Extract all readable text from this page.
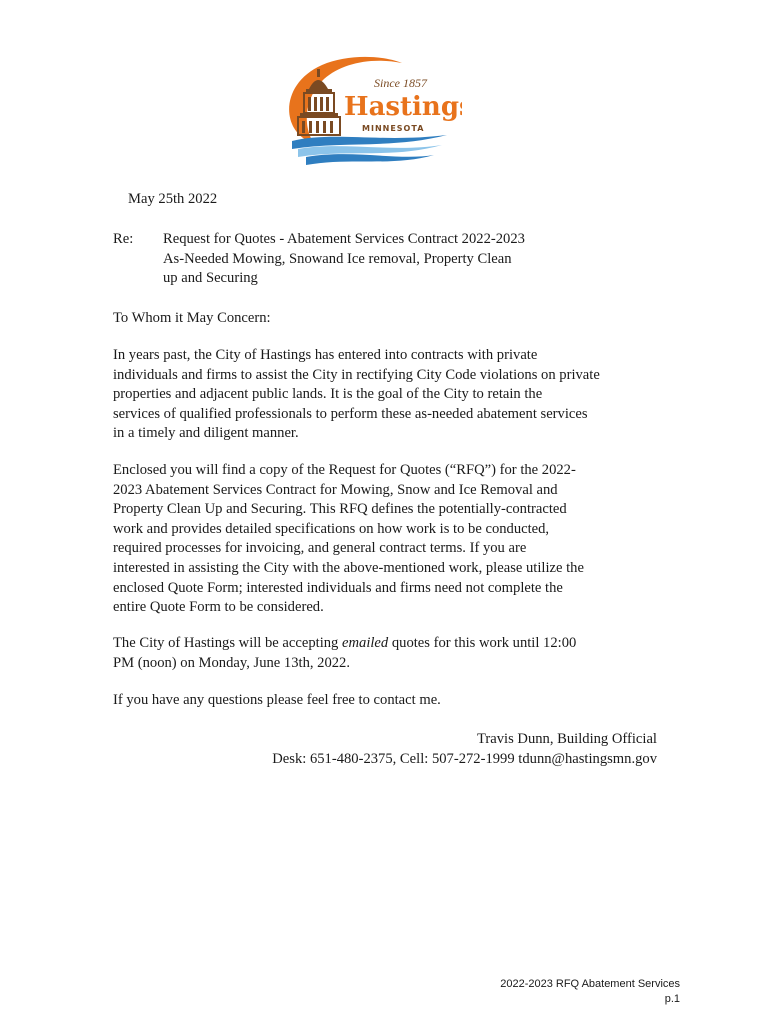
Since 1857
Hastings
MINNESOTA
May 25th 2022
Re: Request for Quotes - Abatement Services Contract 2022-2023
As-Needed Mowing, Snowand Ice removal, Property Clean
up and Securing
To Whom it May Concern:
In years past, the City of Hastings has entered into contracts with private
individuals and firms to assist the City in rectifying City Code violations on private
properties and adjacent public lands. It is the goal of the City to retain the
services of qualified professionals to perform these as-needed abatement services
in a timely and diligent manner.
Enclosed you will find a copy of the Request for Quotes (“RFQ”) for the 2022-
2023 Abatement Services Contract for Mowing, Snow and Ice Removal and
Property Clean Up and Securing. This RFQ defines the potentially-contracted
work and provides detailed specifications on how work is to be conducted,
required processes for invoicing, and general contract terms. If you are
interested in assisting the City with the above-mentioned work, please utilize the
enclosed Quote Form; interested individuals and firms need not complete the
entire Quote Form to be considered.
The City of Hastings will be accepting emailed quotes for this work until 12:00
PM (noon) on Monday, June 13th, 2022.
If you have any questions please feel free to contact me.
Travis Dunn, Building Official
Desk: 651-480-2375, Cell: 507-272-1999 tdunn@hastingsmn.gov
2022-2023 RFQ Abatement Services
p.1
